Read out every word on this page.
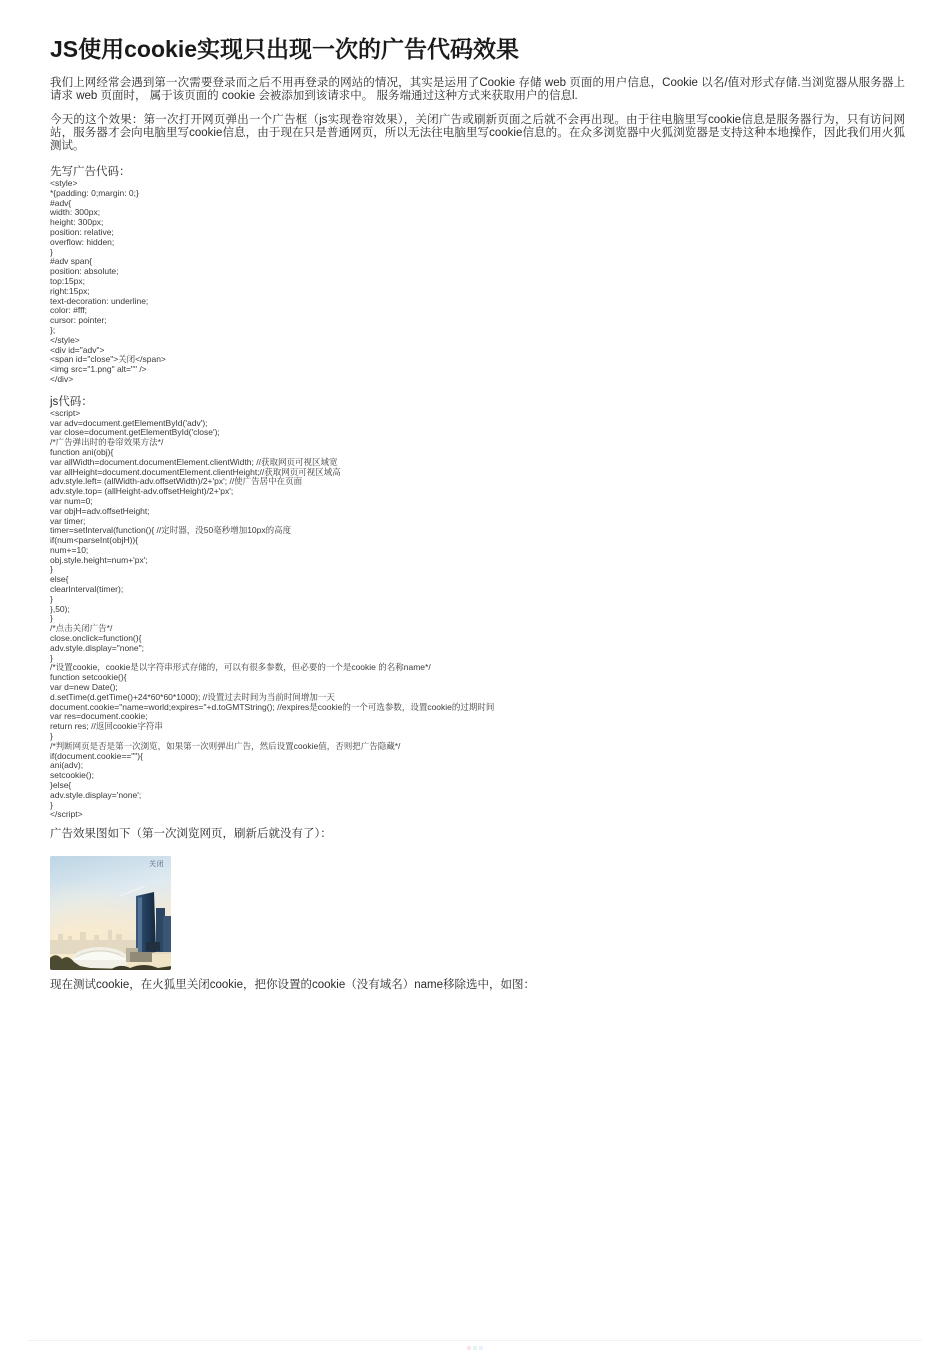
JS使用cookie实现只出现一次的广告代码效果

我们上网经常会遇到第一次需要登录而之后不用再登录的网站的情况，其实是运用了Cookie 存储 web 页面的用户信息，Cookie 以名/值对形式存储.当浏览器从服务器上请求 web 页面时， 属于该页面的 cookie 会被添加到该请求中。 服务端通过这种方式来获取用户的信息l.

今天的这个效果：第一次打开网页弹出一个广告框（js实现卷帘效果），关闭广告或刷新页面之后就不会再出现。由于往电脑里写cookie信息是服务器行为，只有访问网站，服务器才会向电脑里写cookie信息，由于现在只是普通网页，所以无法往电脑里写cookie信息的。在众多浏览器中火狐浏览器是支持这种本地操作，因此我们用火狐测试。

先写广告代码：

<style>
*{padding: 0;margin: 0;}
#adv{
width: 300px;
height: 300px;
position: relative;
overflow: hidden;
}
#adv span{
position: absolute;
top:15px;
right:15px;
text-decoration: underline;
color: #fff;
cursor: pointer;
};
</style>
<div id="adv">
<span id="close">关闭</span>
<img src="1.png" alt="" />
</div>

js代码：

<script>
var adv=document.getElementById('adv');
var close=document.getElementById('close');
/*广告弹出时的卷帘效果方法*/
function ani(obj){
var allWidth=document.documentElement.clientWidth; //获取网页可视区域宽
var allHeight=document.documentElement.clientHeight;//获取网页可视区域高
adv.style.left= (allWidth-adv.offsetWidth)/2+'px'; //使广告居中在页面
adv.style.top= (allHeight-adv.offsetHeight)/2+'px';
var num=0;
var objH=adv.offsetHeight;
var timer;
timer=setInterval(function(){ //定时器，没50毫秒增加10px的高度
if(num<parseInt(objH)){
num+=10;
obj.style.height=num+'px';
}
else{
clearInterval(timer);
}
},50);
}
/*点击关闭广告*/
close.onclick=function(){
adv.style.display="none";
}
/*设置cookie，cookie是以字符串形式存储的，可以有很多参数，但必要的一个是cookie 的名称name*/
function setcookie(){
var d=new Date();
d.setTime(d.getTime()+24*60*60*1000); //设置过去时间为当前时间增加一天
document.cookie="name=world;expires="+d.toGMTString(); //expires是cookie的一个可选参数，设置cookie的过期时间
var res=document.cookie;
return res; //返回cookie字符串
}
/*判断网页是否是第一次浏览，如果第一次则弹出广告，然后设置cookie值，否则把广告隐藏*/
if(document.cookie==""){
ani(adv);
setcookie();
}else{
adv.style.display='none';
}
</script>

广告效果图如下（第一次浏览网页，刷新后就没有了）：

关闭

现在测试cookie，在火狐里关闭cookie，把你设置的cookie（没有域名）name移除选中，如图：
